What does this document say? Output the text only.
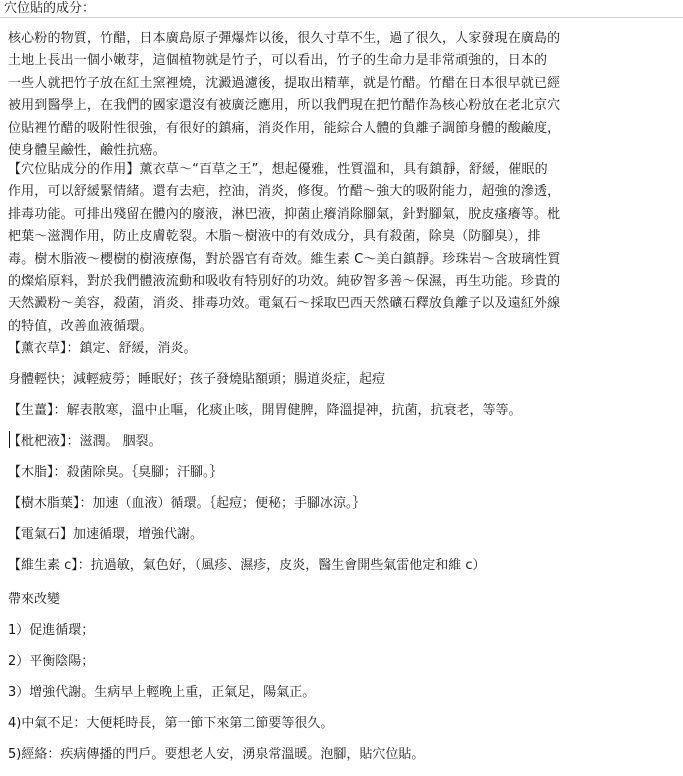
穴位貼的成分：
核心粉的物質，竹醋，日本廣島原子彈爆炸以後，很久寸草不生，過了很久，人家發現在廣島的
土地上長出一個小嫩芽，這個植物就是竹子，可以看出，竹子的生命力是非常頑強的，日本的
一些人就把竹子放在紅土窯裡燒，沈澱過濾後，提取出精華，就是竹醋。竹醋在日本很早就已經
被用到醫學上，在我們的國家還沒有被廣泛應用，所以我們現在把竹醋作為核心粉放在老北京穴
位貼裡竹醋的吸附性很強，有很好的鎮痛，消炎作用，能綜合人體的負離子調節身體的酸鹼度，
使身體呈鹼性，鹼性抗癌。
【穴位貼成分的作用】薰衣草～“百草之王”，想起優雅，性質溫和，具有鎮靜，舒緩，催眠的
作用，可以舒緩緊情緒。還有去疤，控油，消炎，修復。竹醋～強大的吸附能力，超強的滲透，
排毒功能。可排出殘留在體內的廢液，淋巴液，抑菌止癢消除腳氣，針對腳氣，脫皮瘙癢等。枇
杷葉～滋潤作用，防止皮膚乾裂。木脂～樹液中的有效成分，具有殺菌，除臭（防腳臭），排
毒。樹木脂液～櫻樹的樹液療傷，對於器官有奇效。維生素 C～美白鎮靜。珍珠岩～含玻璃性質
的燦焰原料，對於我們體液流動和吸收有特別好的功效。純矽智多善～保濕，再生功能。珍貴的
天然澱粉～美容，殺菌，消炎、排毒功效。電氣石～採取巴西天然礦石釋放負離子以及遠紅外線
的特值，改善血液循環。
【薰衣草】：鎮定、舒緩，消炎。
身體輕快；減輕疲勞；睡眠好；孩子發燒貼額頭；腸道炎症，起痘
【生薑】：解表散寒，溫中止嘔，化痰止咳，開胃健脾，降溫提神，抗菌，抗衰老，等等。
【枇杷液】：滋潤。 胭裂。
【木脂】：殺菌除臭。｛臭腳；汗腳。｝
【樹木脂葉】：加速（血液）循環。｛起痘；便秘；手腳冰涼。｝
【電氣石】加速循環，增強代謝。
【維生素 c】：抗過敏，氣色好，（風疹、濕疹，皮炎，醫生會開些氣雷他定和維 c）
帶來改變
1）促進循環；
2）平衡陰陽；
3）增強代謝。生病早上輕晚上重，正氣足，陽氣正。
4)中氣不足：大便耗時長，第一節下來第二節要等很久。
5)經絡：疾病傳播的門戶。要想老人安，湧泉常溫暖。泡腳，貼穴位貼。
